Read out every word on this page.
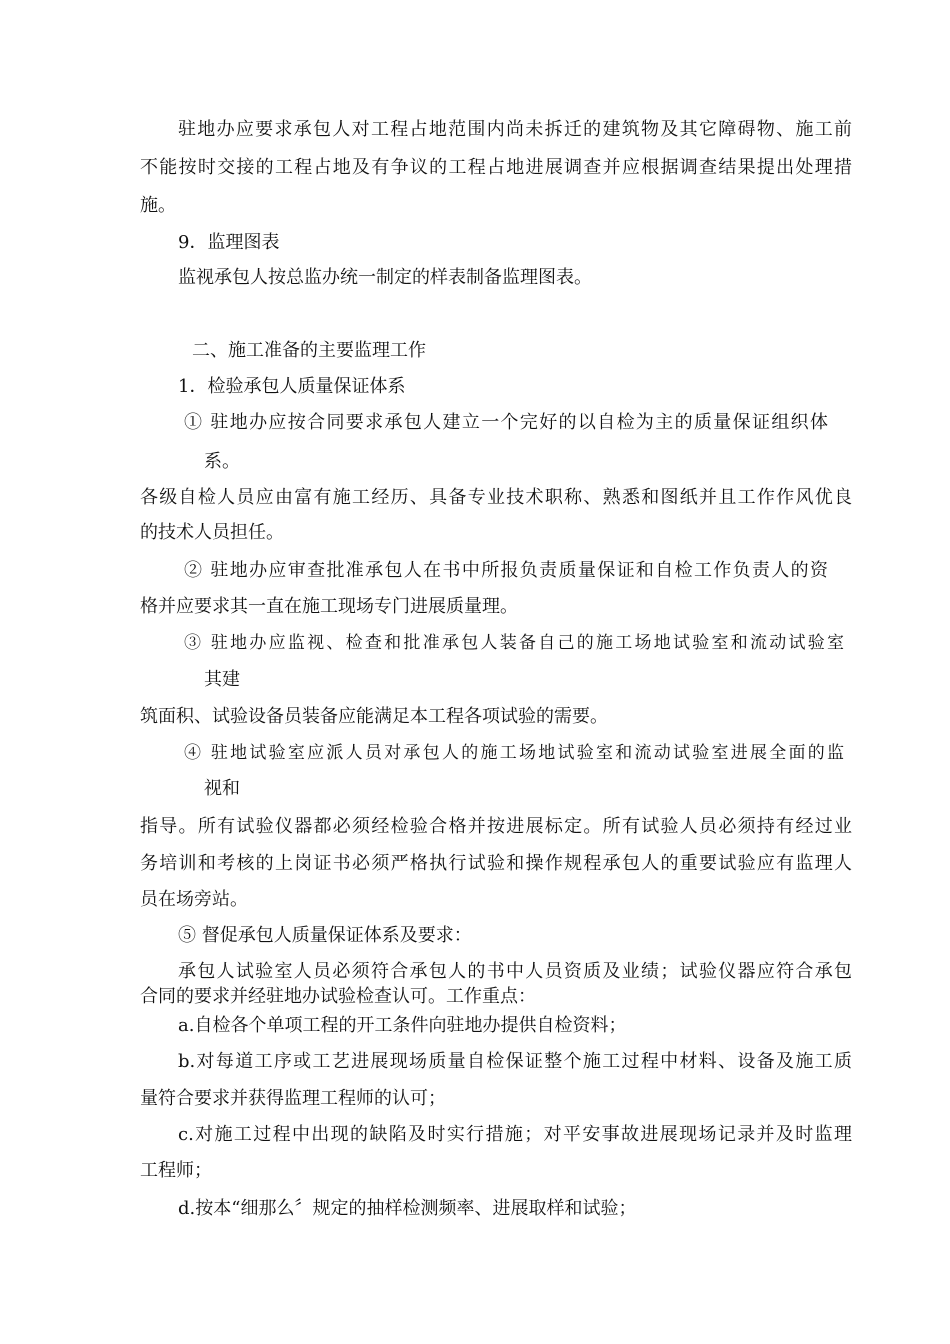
驻地办应要求承包人对工程占地范围内尚未拆迁的建筑物及其它障碍物、施工前
不能按时交接的工程占地及有争议的工程占地进展调查并应根据调查结果提出处理措
施。
9．监理图表
监视承包人按总监办统一制定的样表制备监理图表。
二、施工准备的主要监理工作
1．检验承包人质量保证体系
① 驻地办应按合同要求承包人建立一个完好的以自检为主的质量保证组织体
系。
各级自检人员应由富有施工经历、具备专业技术职称、熟悉和图纸并且工作作风优良
的技术人员担任。
② 驻地办应审查批准承包人在书中所报负责质量保证和自检工作负责人的资
格并应要求其一直在施工现场专门进展质量理。
③ 驻地办应监视、检查和批准承包人装备自己的施工场地试验室和流动试验室
其建
筑面积、试验设备员装备应能满足本工程各项试验的需要。
④ 驻地试验室应派人员对承包人的施工场地试验室和流动试验室进展全面的监
视和
指导。所有试验仪器都必须经检验合格并按进展标定。所有试验人员必须持有经过业
务培训和考核的上岗证书必须严格执行试验和操作规程承包人的重要试验应有监理人
员在场旁站。
⑤ 督促承包人质量保证体系及要求：
承包人试验室人员必须符合承包人的书中人员资质及业绩；试验仪器应符合承包
合同的要求并经驻地办试验检查认可。工作重点：
a.自检各个单项工程的开工条件向驻地办提供自检资料；
b.对每道工序或工艺进展现场质量自检保证整个施工过程中材料、设备及施工质
量符合要求并获得监理工程师的认可；
c.对施工过程中出现的缺陷及时实行措施；对平安事故进展现场记录并及时监理
工程师；
d.按本“细那么〞规定的抽样检测频率、进展取样和试验；
